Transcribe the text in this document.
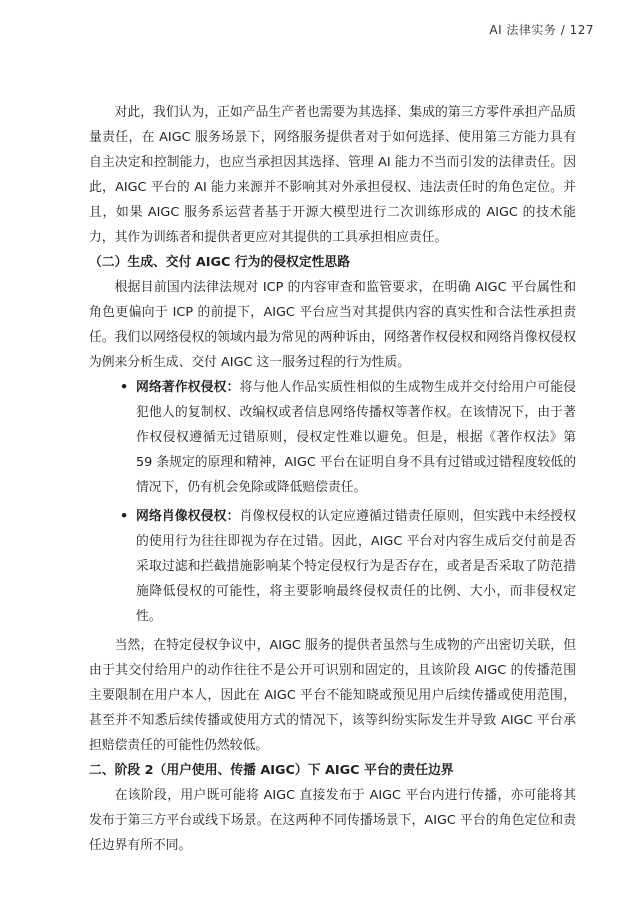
AI 法律实务 / 127

对此，我们认为，正如产品生产者也需要为其选择、集成的第三方零件承担产品质量责任，在 AIGC 服务场景下，网络服务提供者对于如何选择、使用第三方能力具有自主决定和控制能力，也应当承担因其选择、管理 AI 能力不当而引发的法律责任。因此，AIGC 平台的 AI 能力来源并不影响其对外承担侵权、违法责任时的角色定位。并且，如果 AIGC 服务系运营者基于开源大模型进行二次训练形成的 AIGC 的技术能力，其作为训练者和提供者更应对其提供的工具承担相应责任。

（二）生成、交付 AIGC 行为的侵权定性思路

根据目前国内法律法规对 ICP 的内容审查和监管要求，在明确 AIGC 平台属性和角色更偏向于 ICP 的前提下，AIGC 平台应当对其提供内容的真实性和合法性承担责任。我们以网络侵权的领域内最为常见的两种诉由，网络著作权侵权和网络肖像权侵权为例来分析生成、交付 AIGC 这一服务过程的行为性质。

• 网络著作权侵权：将与他人作品实质性相似的生成物生成并交付给用户可能侵犯他人的复制权、改编权或者信息网络传播权等著作权。在该情况下，由于著作权侵权遵循无过错原则，侵权定性难以避免。但是，根据《著作权法》第 59 条规定的原理和精神，AIGC 平台在证明自身不具有过错或过错程度较低的情况下，仍有机会免除或降低赔偿责任。
• 网络肖像权侵权：肖像权侵权的认定应遵循过错责任原则，但实践中未经授权的使用行为往往即视为存在过错。因此，AIGC 平台对内容生成后交付前是否采取过滤和拦截措施影响某个特定侵权行为是否存在，或者是否采取了防范措施降低侵权的可能性，将主要影响最终侵权责任的比例、大小，而非侵权定性。

当然，在特定侵权争议中，AIGC 服务的提供者虽然与生成物的产出密切关联，但由于其交付给用户的动作往往不是公开可识别和固定的，且该阶段 AIGC 的传播范围主要限制在用户本人，因此在 AIGC 平台不能知晓或预见用户后续传播或使用范围，甚至并不知悉后续传播或使用方式的情况下，该等纠纷实际发生并导致 AIGC 平台承担赔偿责任的可能性仍然较低。

二、阶段 2（用户使用、传播 AIGC）下 AIGC 平台的责任边界

在该阶段，用户既可能将 AIGC 直接发布于 AIGC 平台内进行传播，亦可能将其发布于第三方平台或线下场景。在这两种不同传播场景下，AIGC 平台的角色定位和责任边界有所不同。
